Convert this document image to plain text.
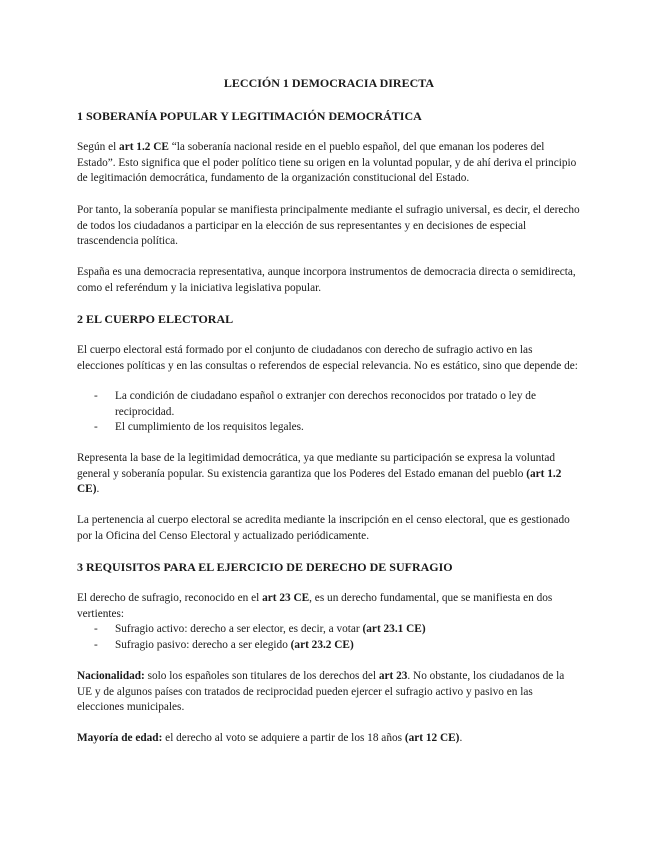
LECCIÓN 1 DEMOCRACIA DIRECTA
1 SOBERANÍA POPULAR Y LEGITIMACIÓN DEMOCRÁTICA
Según el art 1.2 CE “la soberanía nacional reside en el pueblo español, del que emanan los poderes del Estado”. Esto significa que el poder político tiene su origen en la voluntad popular, y de ahí deriva el principio de legitimación democrática, fundamento de la organización constitucional del Estado.
Por tanto, la soberanía popular se manifiesta principalmente mediante el sufragio universal, es decir, el derecho de todos los ciudadanos a participar en la elección de sus representantes y en decisiones de especial trascendencia política.
España es una democracia representativa, aunque incorpora instrumentos de democracia directa o semidirecta, como el referéndum y la iniciativa legislativa popular.
2 EL CUERPO ELECTORAL
El cuerpo electoral está formado por el conjunto de ciudadanos con derecho de sufragio activo en las elecciones políticas y en las consultas o referendos de especial relevancia. No es estático, sino que depende de:
-	La condición de ciudadano español o extranjer con derechos reconocidos por tratado o ley de reciprocidad.
-	El cumplimiento de los requisitos legales.
Representa la base de la legitimidad democrática, ya que mediante su participación se expresa la voluntad general y soberanía popular. Su existencia garantiza que los Poderes del Estado emanan del pueblo (art 1.2 CE).
La pertenencia al cuerpo electoral se acredita mediante la inscripción en el censo electoral, que es gestionado por la Oficina del Censo Electoral y actualizado periódicamente.
3 REQUISITOS PARA EL EJERCICIO DE DERECHO DE SUFRAGIO
El derecho de sufragio, reconocido en el art 23 CE, es un derecho fundamental, que se manifiesta en dos vertientes:
-	Sufragio activo: derecho a ser elector, es decir, a votar (art 23.1 CE)
-	Sufragio pasivo: derecho a ser elegido (art 23.2 CE)
Nacionalidad: solo los españoles son titulares de los derechos del art 23. No obstante, los ciudadanos de la UE y de algunos países con tratados de reciprocidad pueden ejercer el sufragio activo y pasivo en las elecciones municipales.
Mayoría de edad: el derecho al voto se adquiere a partir de los 18 años (art 12 CE).
